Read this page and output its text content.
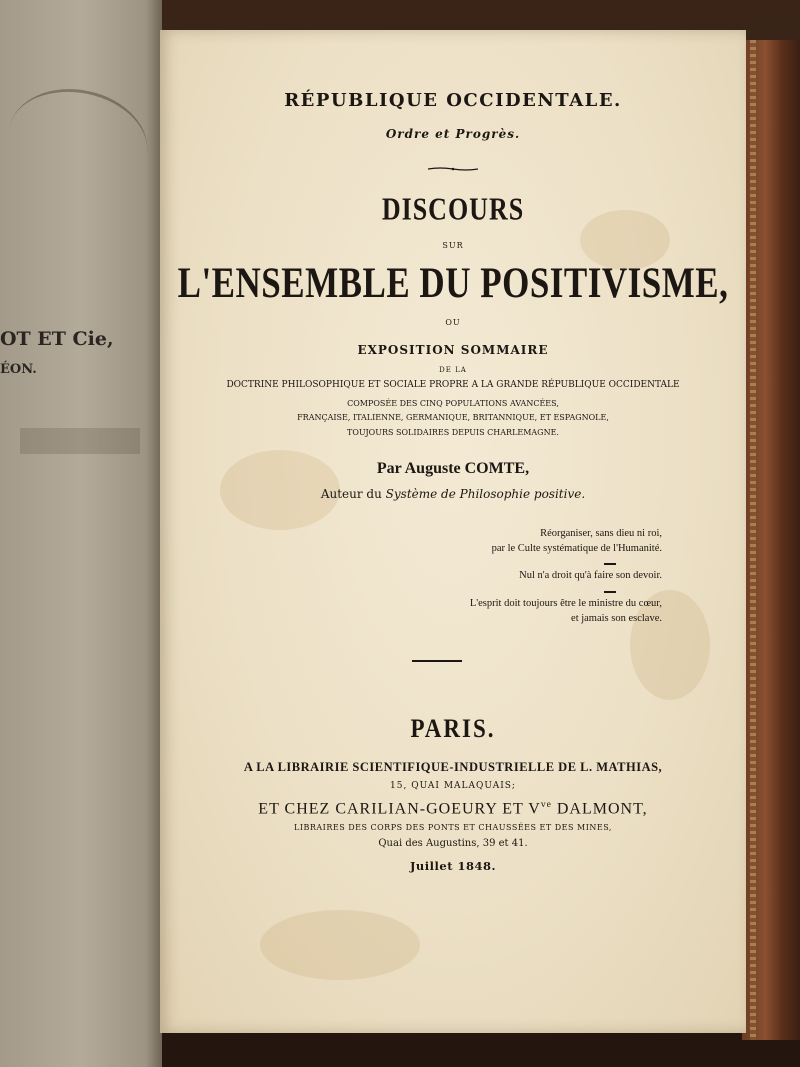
OT ET Cie,
ÉON.
RÉPUBLIQUE OCCIDENTALE.
Ordre et Progrès.
DISCOURS
SUR
L'ENSEMBLE DU POSITIVISME,
OU
EXPOSITION SOMMAIRE
DE LA
DOCTRINE PHILOSOPHIQUE ET SOCIALE PROPRE A LA GRANDE RÉPUBLIQUE OCCIDENTALE
COMPOSÉE DES CINQ POPULATIONS AVANCÉES,
FRANÇAISE, ITALIENNE, GERMANIQUE, BRITANNIQUE, ET ESPAGNOLE,
TOUJOURS SOLIDAIRES DEPUIS CHARLEMAGNE.
Par Auguste COMTE,
Auteur du Système de Philosophie positive.
Réorganiser, sans dieu ni roi,
par le Culte systématique de l'Humanité.
Nul n'a droit qu'à faire son devoir.
L'esprit doit toujours être le ministre du cœur,
et jamais son esclave.
PARIS.
A LA LIBRAIRIE SCIENTIFIQUE-INDUSTRIELLE DE L. MATHIAS,
15, QUAI MALAQUAIS;
ET CHEZ CARILIAN-GOEURY ET $V^{ve}$ DALMONT,
LIBRAIRES DES CORPS DES PONTS ET CHAUSSÉES ET DES MINES,
Quai des Augustins, 39 et 41.
Juillet 1848.
